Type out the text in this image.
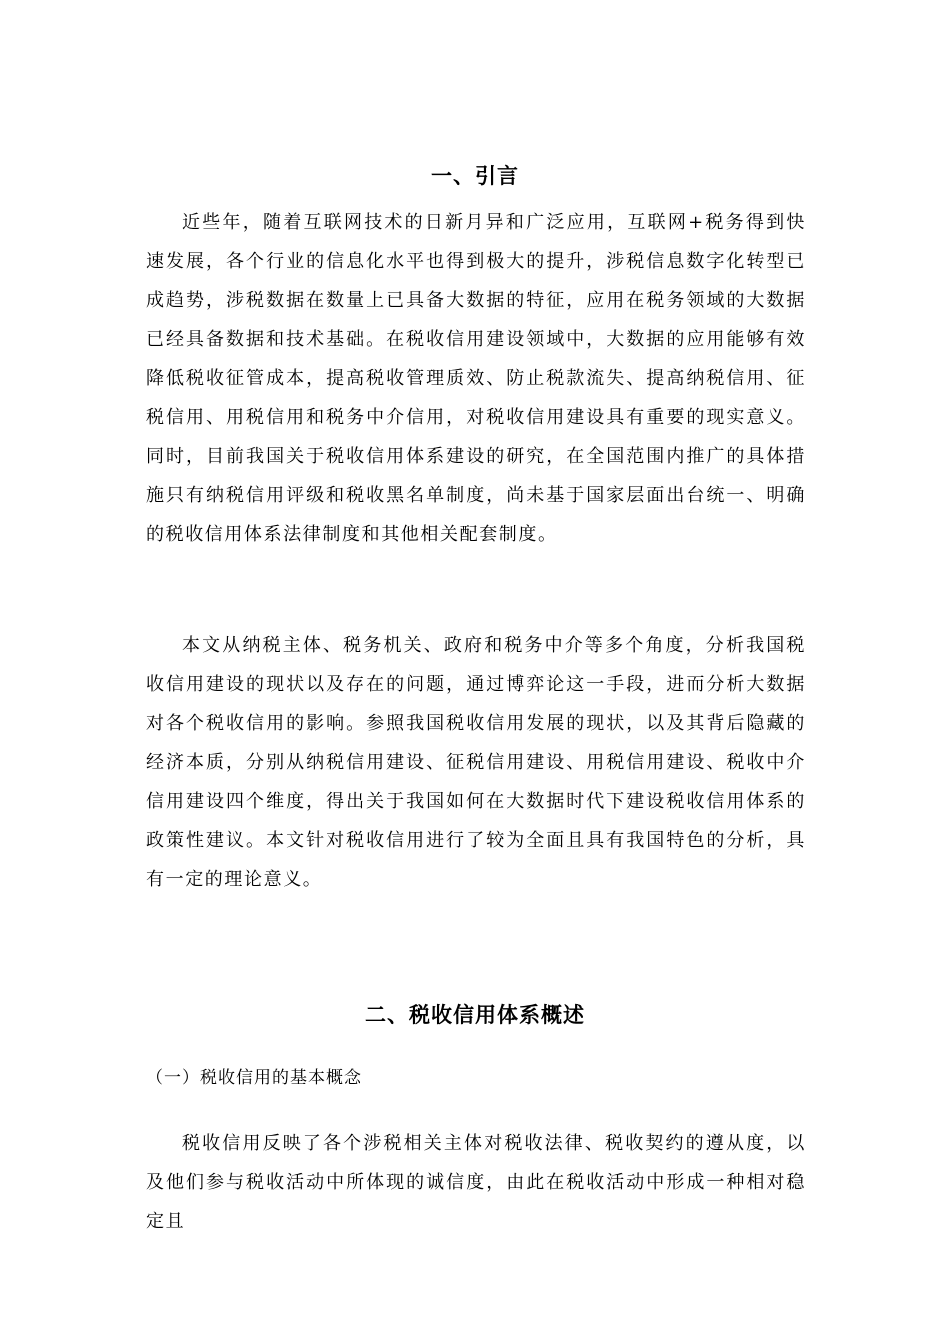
一、引言

近些年，随着互联网技术的日新月异和广泛应用，互联网+税务得到快速发展，各个行业的信息化水平也得到极大的提升，涉税信息数字化转型已成趋势，涉税数据在数量上已具备大数据的特征，应用在税务领域的大数据已经具备数据和技术基础。在税收信用建设领域中，大数据的应用能够有效降低税收征管成本，提高税收管理质效、防止税款流失、提高纳税信用、征税信用、用税信用和税务中介信用，对税收信用建设具有重要的现实意义。同时，目前我国关于税收信用体系建设的研究，在全国范围内推广的具体措施只有纳税信用评级和税收黑名单制度，尚未基于国家层面出台统一、明确的税收信用体系法律制度和其他相关配套制度。

本文从纳税主体、税务机关、政府和税务中介等多个角度，分析我国税收信用建设的现状以及存在的问题，通过博弈论这一手段，进而分析大数据对各个税收信用的影响。参照我国税收信用发展的现状，以及其背后隐藏的经济本质，分别从纳税信用建设、征税信用建设、用税信用建设、税收中介信用建设四个维度，得出关于我国如何在大数据时代下建设税收信用体系的政策性建议。本文针对税收信用进行了较为全面且具有我国特色的分析，具有一定的理论意义。

二、税收信用体系概述

（一）税收信用的基本概念

税收信用反映了各个涉税相关主体对税收法律、税收契约的遵从度，以及他们参与税收活动中所体现的诚信度，由此在税收活动中形成一种相对稳定且
